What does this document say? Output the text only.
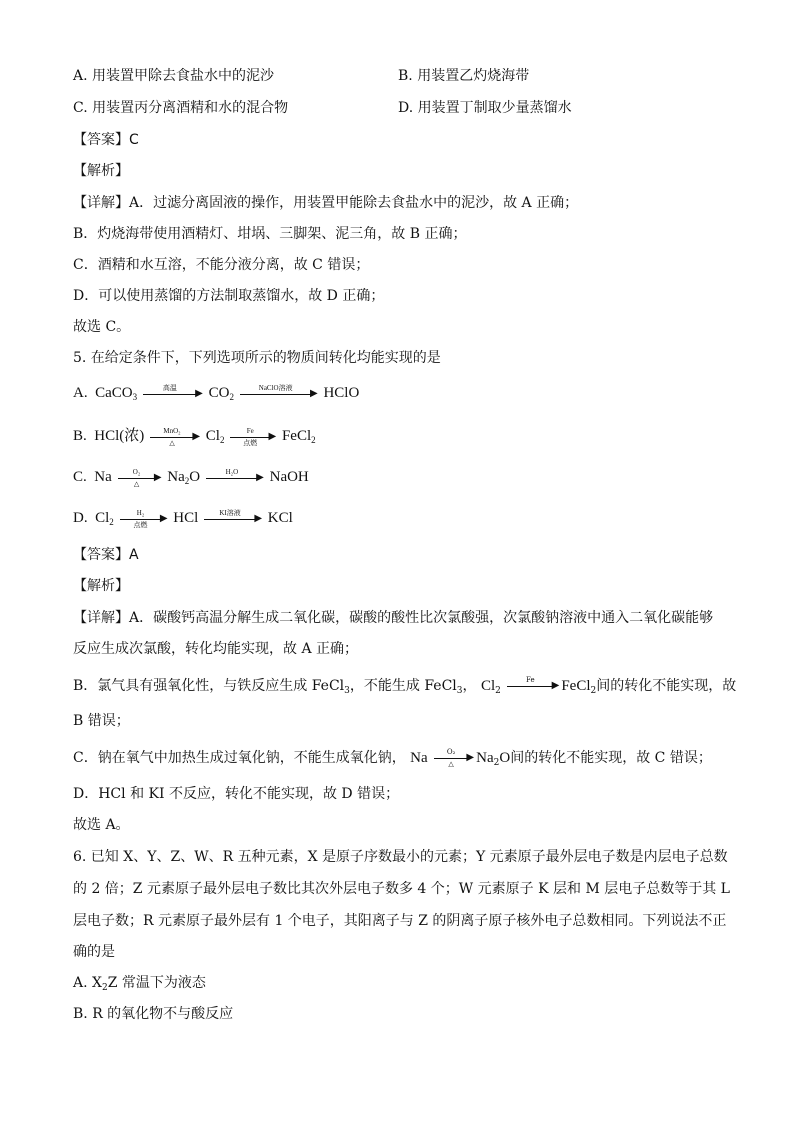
A. 用装置甲除去食盐水中的泥沙	B. 用装置乙灼烧海带
C. 用装置丙分离酒精和水的混合物	D. 用装置丁制取少量蒸馏水
【答案】C
【解析】
【详解】A．过滤分离固液的操作，用装置甲能除去食盐水中的泥沙，故 A 正确；
B．灼烧海带使用酒精灯、坩埚、三脚架、泥三角，故 B 正确；
C．酒精和水互溶，不能分液分离，故 C 错误；
D．可以使用蒸馏的方法制取蒸馏水，故 D 正确；
故选 C。
5. 在给定条件下，下列选项所示的物质间转化均能实现的是
A. CaCO$_3$
高温	▶ $CO_2$
NaClO溶液	▶ HClO
B. HCl(浓)	MnO₂	▶
△	$Cl_2$
Fe	▶
点燃	FeCl$_2$
C. Na	O₂	▶
△	$Na_2O$	H₂O	▶ NaOH
D. $Cl_2$
H₂	▶
点燃	HCl	KI溶液	▶ KCl
【答案】A
【解析】
【详解】A．碳酸钙高温分解生成二氧化碳，碳酸的酸性比次氯酸强，次氯酸钠溶液中通入二氧化碳能够
反应生成次氯酸，转化均能实现，故 A 正确；
B．氯气具有强氧化性，与铁反应生成 FeCl$_3$，不能生成 FeCl$_3$， $Cl_2$
Fe	▶ FeCl$_2$间的转化不能实现，故
B 错误；
C．钠在氧气中加热生成过氧化钠，不能生成氧化钠， Na	O₂	▶
△	$Na_2O$间的转化不能实现，故 C 错误；
D．HCl 和 KI 不反应，转化不能实现，故 D 错误；
故选 A。
6. 已知 X、Y、Z、W、R 五种元素，X 是原子序数最小的元素；Y 元素原子最外层电子数是内层电子总数
的 2 倍；Z 元素原子最外层电子数比其次外层电子数多 4 个；W 元素原子 K 层和 M 层电子总数等于其 L
层电子数；R 元素原子最外层有 1 个电子，其阳离子与 Z 的阴离子原子核外电子总数相同。下列说法不正
确的是
A. $X_2Z$ 常温下为液态
B. R 的氧化物不与酸反应
